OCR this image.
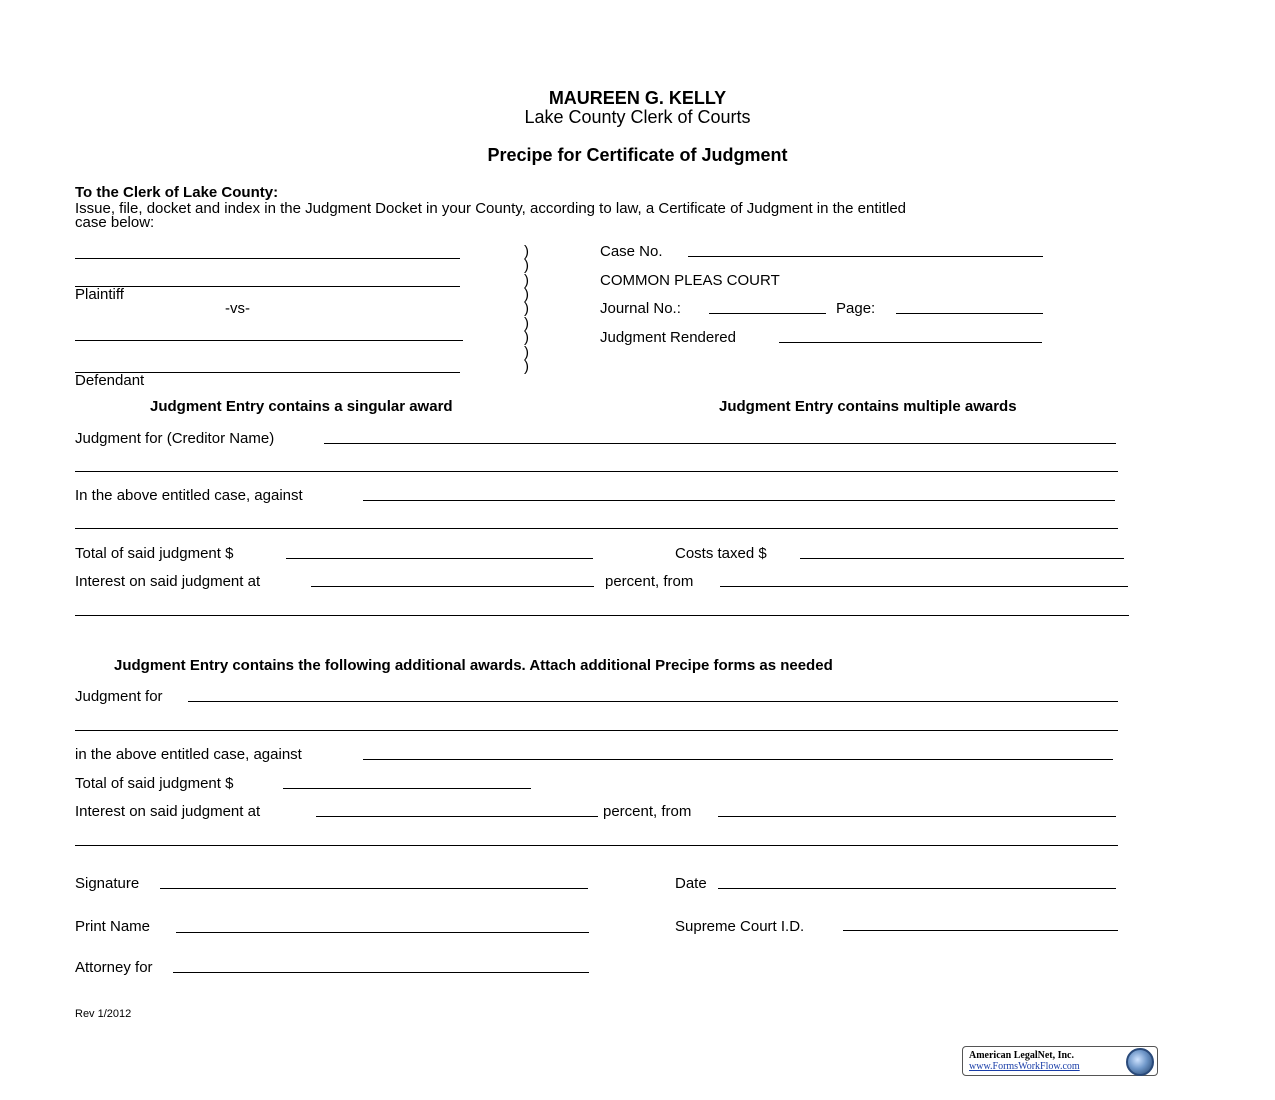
MAUREEN G. KELLY
Lake County Clerk of Courts
Precipe for Certificate of Judgment
To the Clerk of Lake County:
Issue, file, docket and index in the Judgment Docket in your County, according to law, a Certificate of Judgment in the entitled
case below:
Plaintiff
-vs-
Defendant
)
)
)
)
)
)
)
)
)
Case No.
COMMON PLEAS COURT
Journal No.:	Page:
Judgment Rendered
Judgment Entry contains a singular award	Judgment Entry contains multiple awards
Judgment for (Creditor Name)
In the above entitled case, against
Total of said judgment $	Costs taxed $
Interest on said judgment at	percent, from
Judgment Entry contains the following additional awards. Attach additional Precipe forms as needed
Judgment for
in the above entitled case, against
Total of said judgment $
Interest on said judgment at	percent, from
Signature	Date
Print Name	Supreme Court I.D.
Attorney for
Rev 1/2012
American LegalNet, Inc.
www.FormsWorkFlow.com
